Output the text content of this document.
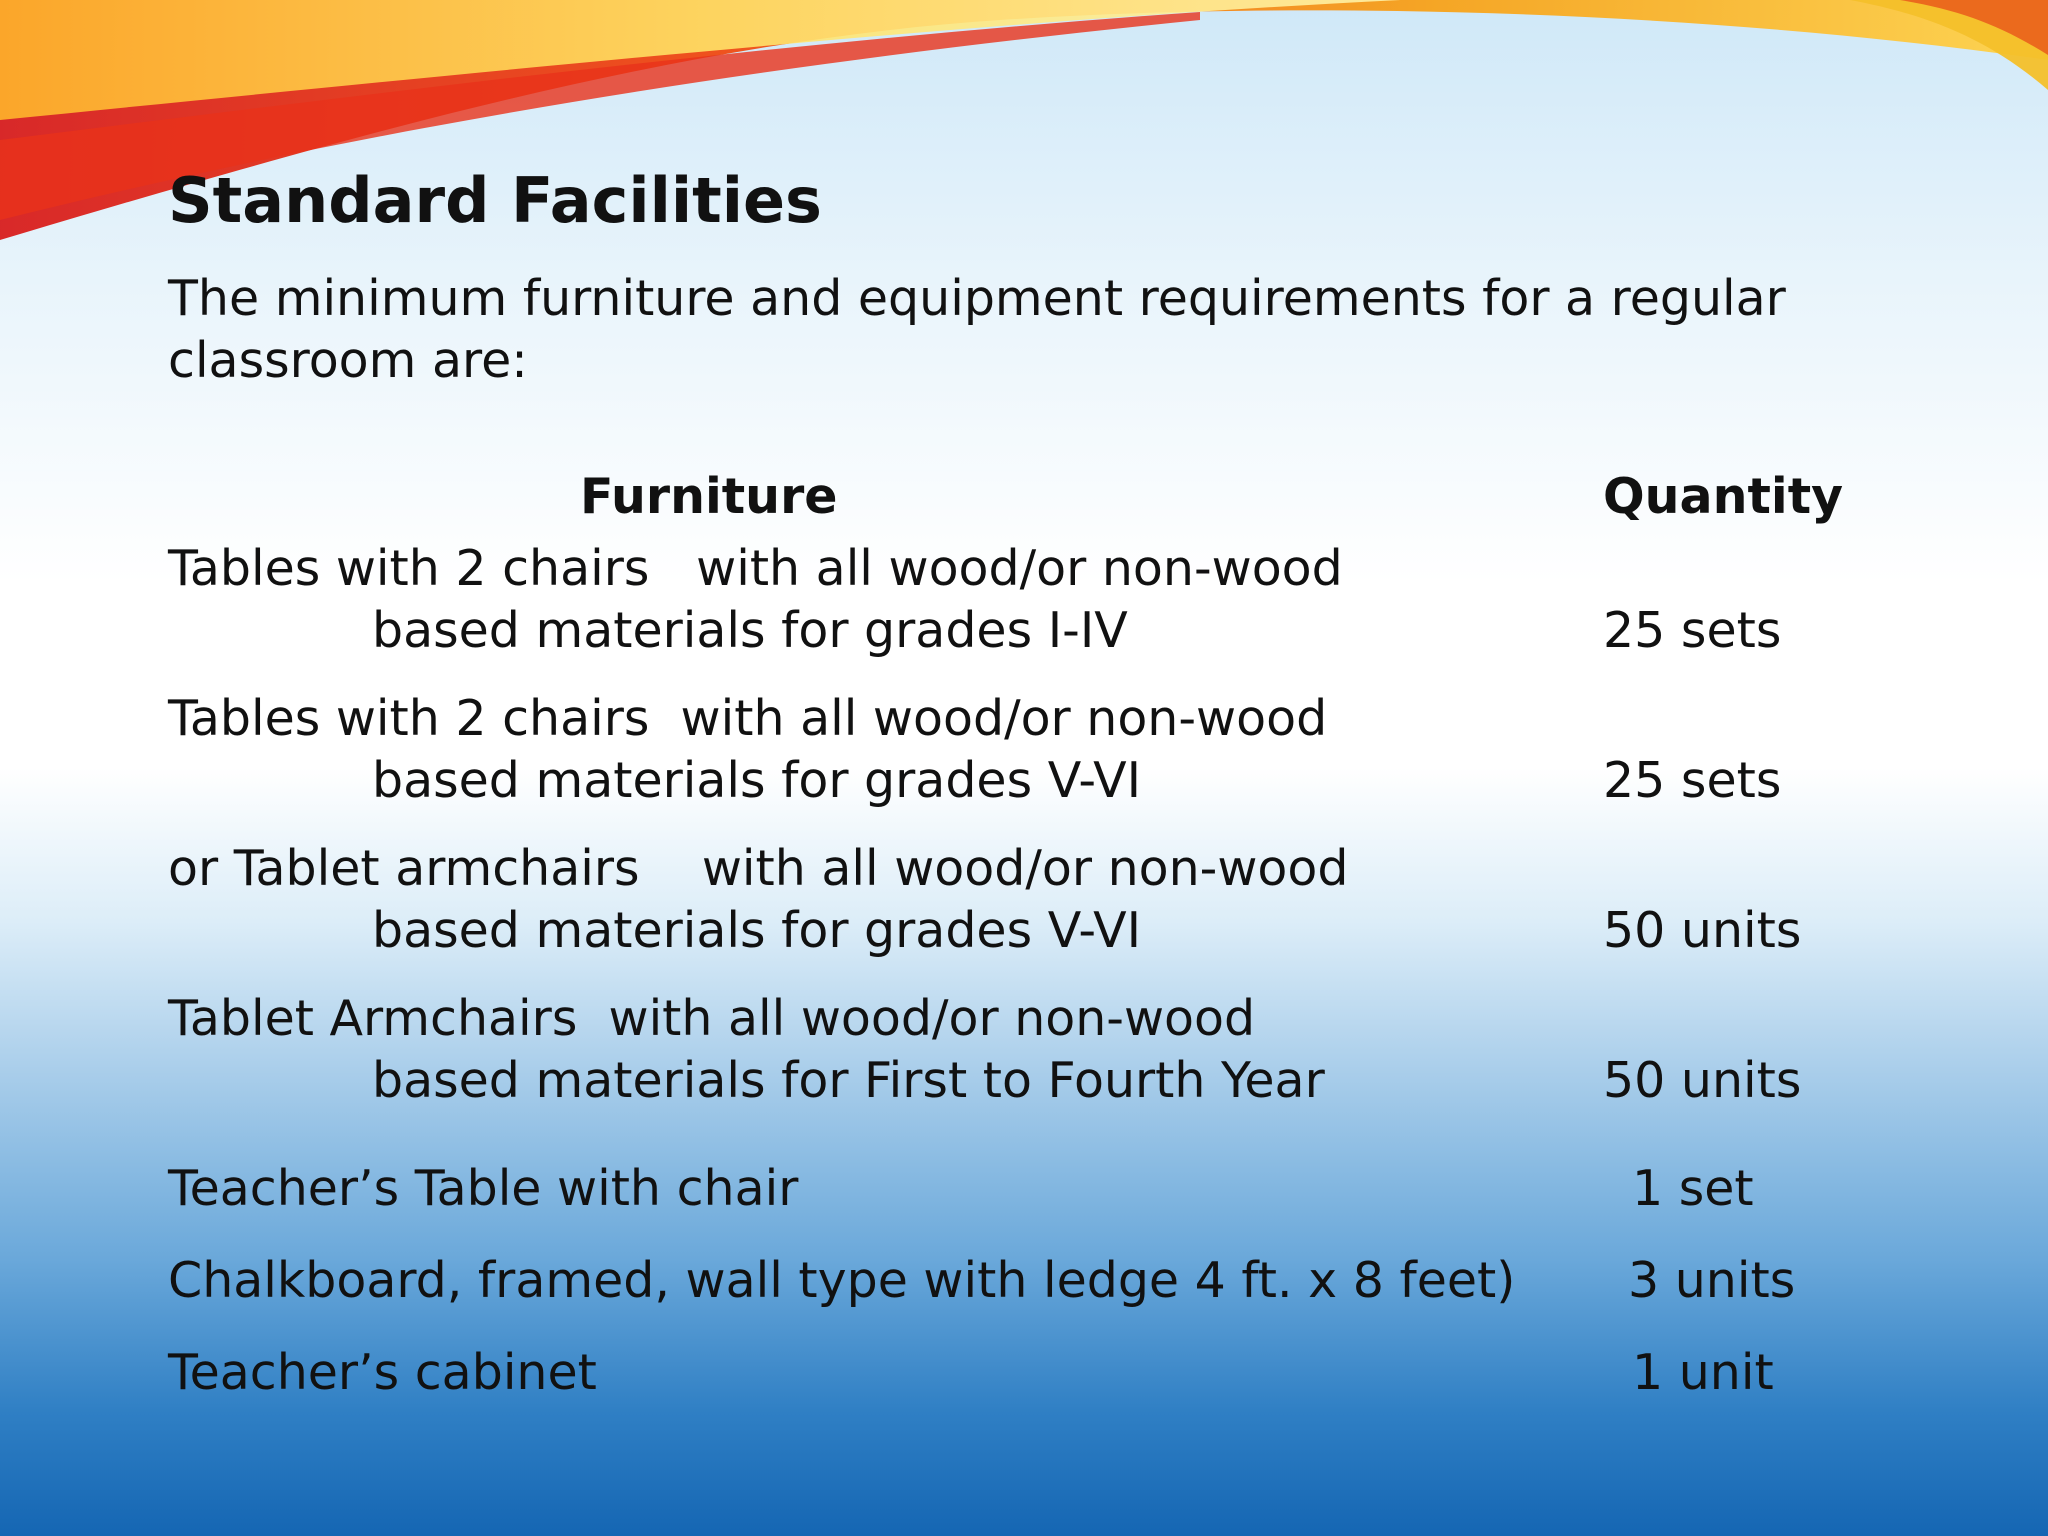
Standard Facilities

The minimum furniture and equipment requirements for a regular classroom are:

Furniture	Quantity
Tables with 2 chairs   with all wood/or non-wood
based materials for grades I-IV	25 sets
Tables with 2 chairs  with all wood/or non-wood
based materials for grades V-VI	25 sets
or Tablet armchairs    with all wood/or non-wood
based materials for grades V-VI	50 units
Tablet Armchairs  with all wood/or non-wood
based materials for First to Fourth Year	50 units
Teacher’s Table with chair	1 set
Chalkboard, framed, wall type with ledge 4 ft. x 8 feet) 3 units
Teacher’s cabinet	1 unit
